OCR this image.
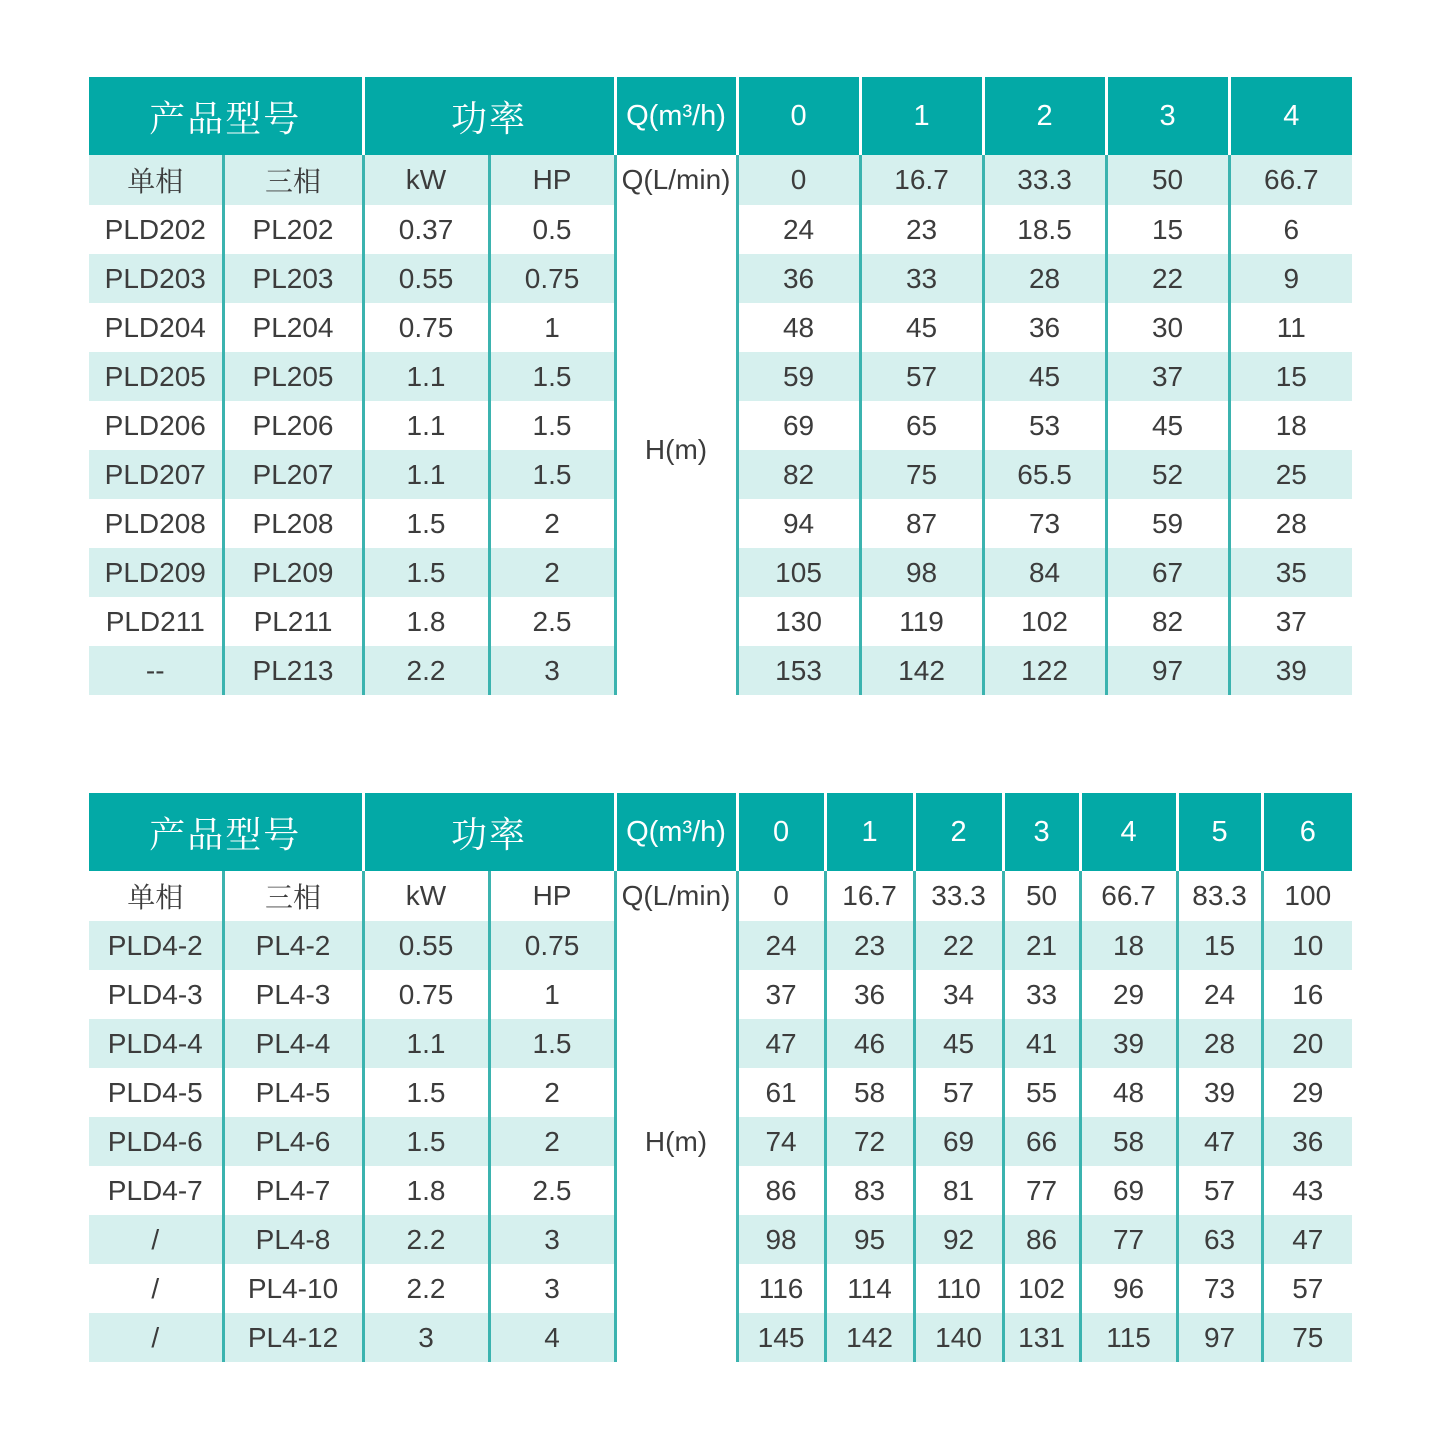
产品型号		功率		Q(m³/h)	0	1	2	3	4
单相	三相	kW	HP	Q(L/min)	0	16.7	33.3	50	66.7
PLD202	PL202	0.37	0.5	H(m)	24	23	18.5	15	6
PLD203	PL203	0.55	0.75		36	33	28	22	9
PLD204	PL204	0.75	1		48	45	36	30	11
PLD205	PL205	1.1	1.5		59	57	45	37	15
PLD206	PL206	1.1	1.5		69	65	53	45	18
PLD207	PL207	1.1	1.5		82	75	65.5	52	25
PLD208	PL208	1.5	2		94	87	73	59	28
PLD209	PL209	1.5	2		105	98	84	67	35
PLD211	PL211	1.8	2.5		130	119	102	82	37
--	PL213	2.2	3		153	142	122	97	39
产品型号		功率		Q(m³/h)	0	1	2	3	4	5	6
单相	三相	kW	HP	Q(L/min)	0	16.7	33.3	50	66.7	83.3	100
PLD4-2	PL4-2	0.55	0.75	H(m)	24	23	22	21	18	15	10
PLD4-3	PL4-3	0.75	1		37	36	34	33	29	24	16
PLD4-4	PL4-4	1.1	1.5		47	46	45	41	39	28	20
PLD4-5	PL4-5	1.5	2		61	58	57	55	48	39	29
PLD4-6	PL4-6	1.5	2		74	72	69	66	58	47	36
PLD4-7	PL4-7	1.8	2.5		86	83	81	77	69	57	43
/	PL4-8	2.2	3		98	95	92	86	77	63	47
/	PL4-10	2.2	3		116	114	110	102	96	73	57
/	PL4-12	3	4		145	142	140	131	115	97	75
